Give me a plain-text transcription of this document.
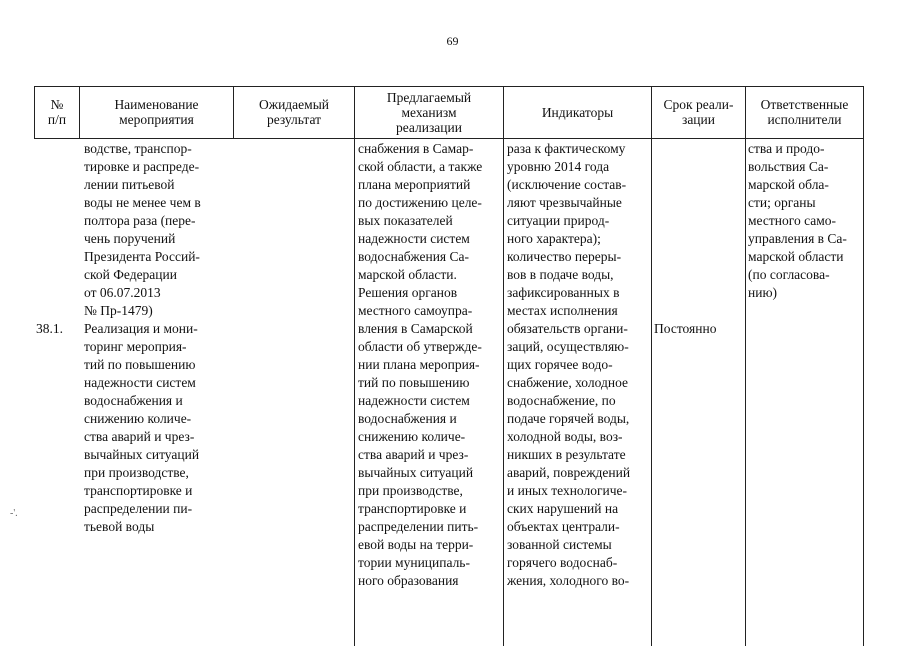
69
№
п/п
Наименование
мероприятия
Ожидаемый
результат
Предлагаемый
механизм
реализации
Индикаторы	Срок реали-
зации
Ответственные
исполнители
водстве, транспор-
тировке и распреде-
лении питьевой
воды не менее чем в
полтора раза (пере-
чень поручений
Президента Россий-
ской Федерации
от 06.07.2013
№ Пр-1479)
38.1. Реализация и мони-
торинг мероприя-
тий по повышению
надежности систем
водоснабжения и
снижению количе-
ства аварий и чрез-
вычайных ситуаций
при производстве,
транспортировке и
распределении пи-
тьевой воды
снабжения в Самар-
ской области, а также
плана мероприятий
по достижению целе-
вых показателей
надежности систем
водоснабжения Са-
марской области.
Решения органов
местного самоупра-
вления в Самарской
области об утвержде-
нии плана мероприя-
тий по повышению
надежности систем
водоснабжения и
снижению количе-
ства аварий и чрез-
вычайных ситуаций
при производстве,
транспортировке и
распределении пить-
евой воды на терри-
тории муниципаль-
ного образования
раза к фактическому
уровню 2014 года
(исключение состав-
ляют чрезвычайные
ситуации природ-
ного характера);
количество переры-
вов в подаче воды,
зафиксированных в
местах исполнения
обязательств органи-
заций, осуществляю-
щих горячее водо-
снабжение, холодное
водоснабжение, по
подаче горячей воды,
холодной воды, воз-
никших в результате
аварий, повреждений
и иных технологиче-
ских нарушений на
объектах централи-
зованной системы
горячего водоснаб-
жения, холодного во-
Постоянно
ства и продо-
вольствия Са-
марской обла-
сти; органы
местного само-
управления в Са-
марской области
(по согласова-
нию)
-'.
